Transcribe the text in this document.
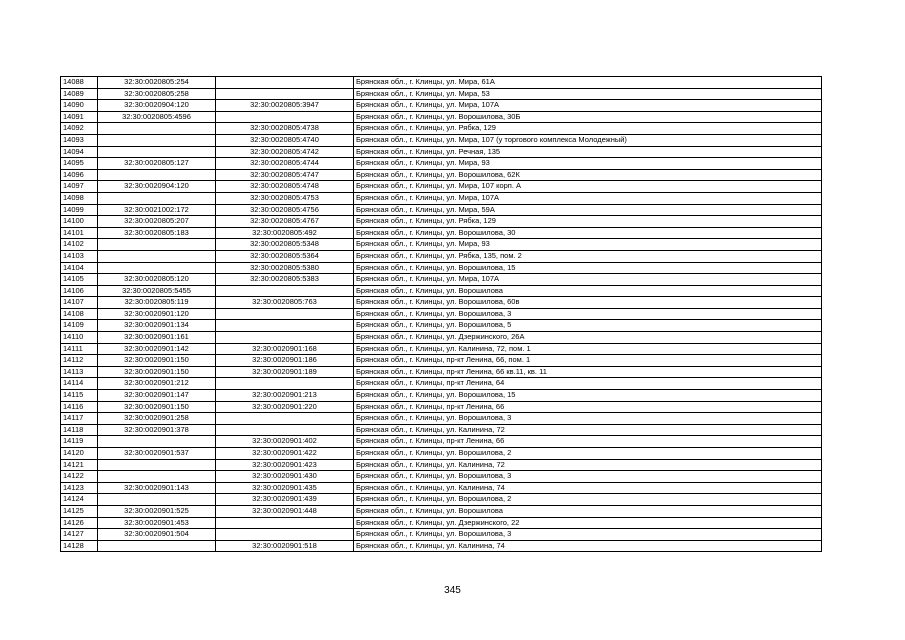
14088	32:30:0020805:254		Брянская обл., г. Клинцы, ул. Мира, 61А
14089	32:30:0020805:258		Брянская обл., г. Клинцы, ул. Мира, 53
14090	32:30:0020904:120	32:30:0020805:3947	Брянская обл., г. Клинцы, ул. Мира, 107А
14091	32:30:0020805:4596		Брянская обл., г. Клинцы, ул. Ворошилова, 30Б
14092		32:30:0020805:4738	Брянская обл., г. Клинцы, ул. Рябка, 129
14093		32:30:0020805:4740	Брянская обл., г. Клинцы, ул. Мира, 107 (у торгового комплекса Молодежный)
14094		32:30:0020805:4742	Брянская обл., г. Клинцы, ул. Речная, 135
14095	32:30:0020805:127	32:30:0020805:4744	Брянская обл., г. Клинцы, ул. Мира, 93
14096		32:30:0020805:4747	Брянская обл., г. Клинцы, ул. Ворошилова, 62К
14097	32:30:0020904:120	32:30:0020805:4748	Брянская обл., г. Клинцы, ул. Мира, 107 корп. А
14098		32:30:0020805:4753	Брянская обл., г. Клинцы, ул. Мира, 107А
14099	32:30:0021002:172	32:30:0020805:4756	Брянская обл., г. Клинцы, ул. Мира, 59А
14100	32:30:0020805:207	32:30:0020805:4767	Брянская обл., г. Клинцы, ул. Рябка, 129
14101	32:30:0020805:183	32:30:0020805:492	Брянская обл., г. Клинцы, ул. Ворошилова, 30
14102		32:30:0020805:5348	Брянская обл., г. Клинцы, ул. Мира, 93
14103		32:30:0020805:5364	Брянская обл., г. Клинцы, ул. Рябка, 135, пом. 2
14104		32:30:0020805:5380	Брянская обл., г. Клинцы, ул. Ворошилова, 15
14105	32:30:0020805:120	32:30:0020805:5383	Брянская обл., г. Клинцы, ул. Мира, 107А
14106	32:30:0020805:5455		Брянская обл., г. Клинцы, ул. Ворошилова
14107	32:30:0020805:119	32:30:0020805:763	Брянская обл., г. Клинцы, ул. Ворошилова, 60в
14108	32:30:0020901:120		Брянская обл., г. Клинцы, ул. Ворошилова, 3
14109	32:30:0020901:134		Брянская обл., г. Клинцы, ул. Ворошилова, 5
14110	32:30:0020901:161		Брянская обл., г. Клинцы, ул. Дзержинского, 26А
14111	32:30:0020901:142	32:30:0020901:168	Брянская обл., г. Клинцы, ул. Калинина, 72, пом. 1
14112	32:30:0020901:150	32:30:0020901:186	Брянская обл., г. Клинцы, пр-кт Ленина, 66, пом. 1
14113	32:30:0020901:150	32:30:0020901:189	Брянская обл., г. Клинцы, пр-кт Ленина, 66 кв.11, кв. 11
14114	32:30:0020901:212		Брянская обл., г. Клинцы, пр-кт Ленина, 64
14115	32:30:0020901:147	32:30:0020901:213	Брянская обл., г. Клинцы, ул. Ворошилова, 15
14116	32:30:0020901:150	32:30:0020901:220	Брянская обл., г. Клинцы, пр-кт Ленина, 66
14117	32:30:0020901:258		Брянская обл., г. Клинцы, ул. Ворошилова, 3
14118	32:30:0020901:378		Брянская обл., г. Клинцы, ул. Калинина, 72
14119		32:30:0020901:402	Брянская обл., г. Клинцы, пр-кт Ленина, 66
14120	32:30:0020901:537	32:30:0020901:422	Брянская обл., г. Клинцы, ул. Ворошилова, 2
14121		32:30:0020901:423	Брянская обл., г. Клинцы, ул. Калинина, 72
14122		32:30:0020901:430	Брянская обл., г. Клинцы, ул. Ворошилова, 3
14123	32:30:0020901:143	32:30:0020901:435	Брянская обл., г. Клинцы, ул. Калинина, 74
14124		32:30:0020901:439	Брянская обл., г. Клинцы, ул. Ворошилова, 2
14125	32:30:0020901:525	32:30:0020901:448	Брянская обл., г. Клинцы, ул. Ворошилова
14126	32:30:0020901:453		Брянская обл., г. Клинцы, ул. Дзержинского, 22
14127	32:30:0020901:504		Брянская обл., г. Клинцы, ул. Ворошилова, 3
14128		32:30:0020901:518	Брянская обл., г. Клинцы, ул. Калинина, 74
345
